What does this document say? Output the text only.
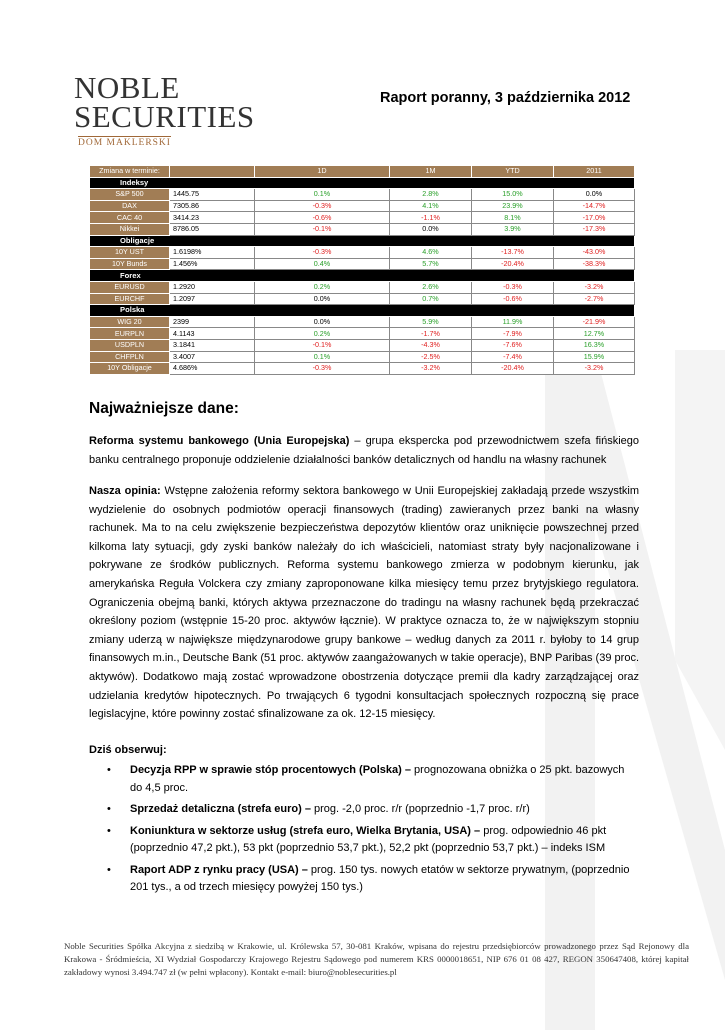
NOBLE
SECURITIES
DOM MAKLERSKI
Raport poranny, 3 października 2012
Zmiana w terminie:		1D	1M	YTD	2011
Indeksy					
S&P 500	1445.75	0.1%	2.8%	15.0%	0.0%
DAX	7305.86	-0.3%	4.1%	23.9%	-14.7%
CAC 40	3414.23	-0.6%	-1.1%	8.1%	-17.0%
Nikkei	8786.05	-0.1%	0.0%	3.9%	-17.3%
Obligacje					
10Y UST	1.6198%	-0.3%	4.6%	-13.7%	-43.0%
10Y Bunds	1.456%	0.4%	5.7%	-20.4%	-38.3%
Forex					
EURUSD	1.2920	0.2%	2.6%	-0.3%	-3.2%
EURCHF	1.2097	0.0%	0.7%	-0.6%	-2.7%
Polska					
WIG 20	2399	0.0%	5.9%	11.9%	-21.9%
EURPLN	4.1143	0.2%	-1.7%	-7.9%	12.7%
USDPLN	3.1841	-0.1%	-4.3%	-7.6%	16.3%
CHFPLN	3.4007	0.1%	-2.5%	-7.4%	15.9%
10Y Obligacje	4.686%	-0.3%	-3.2%	-20.4%	-3.2%
Najważniejsze dane:
Reforma systemu bankowego (Unia Europejska) – grupa ekspercka pod przewodnictwem szefa fińskiego banku centralnego proponuje oddzielenie działalności banków detalicznych od handlu na własny rachunek
Nasza opinia: Wstępne założenia reformy sektora bankowego w Unii Europejskiej zakładają przede wszystkim wydzielenie do osobnych podmiotów operacji finansowych (trading) zawieranych przez banki na własny rachunek. Ma to na celu zwiększenie bezpieczeństwa depozytów klientów oraz uniknięcie powszechnej przed kilkoma laty sytuacji, gdy zyski banków należały do ich właściciel​i, natomiast straty były nacjonalizowane i pokrywane ze środków publicznych. Reforma systemu bankowego zmierza w podobnym kierunku, jak amerykańska Reguła Volckera czy zmiany zaproponowane kilka miesięcy temu przez brytyjskiego regulatora. Ograniczenia obejmą banki, których aktywa przeznaczone do tradingu na własny rachunek będą przekraczać określony poziom (wstępnie 15-20 proc. aktywów łącznie). W praktyce oznacza to, że w największym stopniu zmiany uderzą w największe międzynarodowe grupy bankowe – według danych za 2011 r. byłoby to 14 grup finansowych m.in., Deutsche Bank (51 proc. aktywów zaangażowanych w takie operacje), BNP Paribas (39 proc. aktywów). Dodatkowo mają zostać wprowadzone obostrzenia dotyczące premii dla kadry zarządzającej oraz udzielania kredytów hipotecznych. Po trwających 6 tygodni konsultacjach społecznych rozpoczną się prace legislacyjne, które powinny zostać sfinalizowane za ok. 12-15 miesięcy.
Dziś obserwuj:
• Decyzja RPP w sprawie stóp procentowych (Polska) – prognozowana obniżka o 25 pkt. bazowych do 4,5 proc.
• Sprzedaż detaliczna (strefa euro) – prog. -2,0 proc. r/r (poprzednio -1,7 proc. r/r)
• Koniunktura w sektorze usług (strefa euro, Wielka Brytania, USA) – prog. odpowiednio 46 pkt (poprzednio 47,2 pkt.), 53 pkt (poprzednio 53,7 pkt.), 52,2 pkt (poprzednio 53,7 pkt.) – indeks ISM
• Raport ADP z rynku pracy (USA) – prog. 150 tys. nowych etatów w sektorze prywatnym, (poprzednio 201 tys., a od trzech miesięcy powyżej 150 tys.)
Noble Securities Spółka Akcyjna z siedzibą w Krakowie, ul. Królewska 57, 30-081 Kraków, wpisana do rejestru przedsiębiorców prowadzonego przez Sąd Rejonowy dla Krakowa - Śródmieścia, XI Wydział Gospodarczy Krajowego Rejestru Sądowego pod numerem KRS 0000018651, NIP 676 01 08 427, REGON 350647408, której kapitał zakładowy wynosi 3.494.747 zł (w pełni wpłacony). Kontakt e-mail: biuro@noblesecurities.pl
